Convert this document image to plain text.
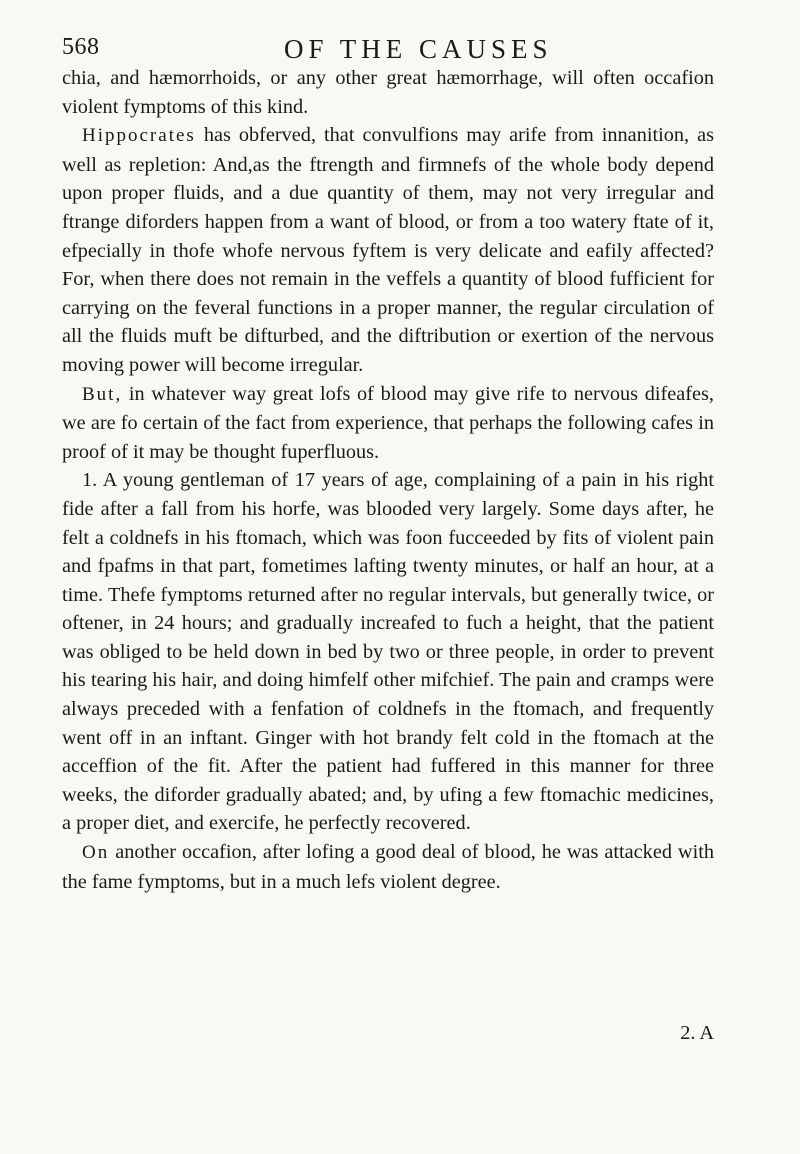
568	OF THE CAUSES

chia, and hæmorrhoids, or any other great hæmorrhage, will often occafion violent fymptoms of this kind.

Hippocrates has obferved, that convulfions may arife from innanition, as well as repletion: And,as the ftrength and firmnefs of the whole body depend upon proper fluids, and a due quantity of them, may not very irregular and ftrange diforders happen from a want of blood, or from a too watery ftate of it, efpecially in thofe whofe nervous fyftem is very delicate and eafily affected? For, when there does not remain in the veffels a quantity of blood fufficient for carrying on the feveral functions in a proper manner, the regular circulation of all the fluids muft be difturbed, and the diftribution or exertion of the nervous moving power will become irregular.

But, in whatever way great lofs of blood may give rife to nervous difeafes, we are fo certain of the fact from experience, that perhaps the following cafes in proof of it may be thought fuperfluous.

1. A young gentleman of 17 years of age, complaining of a pain in his right fide after a fall from his horfe, was blooded very largely. Some days after, he felt a coldnefs in his ftomach, which was foon fucceeded by fits of violent pain and fpafms in that part, fometimes lafting twenty minutes, or half an hour, at a time. Thefe fymptoms returned after no regular intervals, but generally twice, or oftener, in 24 hours; and gradually increafed to fuch a height, that the patient was obliged to be held down in bed by two or three people, in order to prevent his tearing his hair, and doing himfelf other mifchief. The pain and cramps were always preceded with a fenfation of coldnefs in the ftomach, and frequently went off in an inftant. Ginger with hot brandy felt cold in the ftomach at the acceffion of the fit. After the patient had fuffered in this manner for three weeks, the diforder gradually abated; and, by ufing a few ftomachic medicines, a proper diet, and exercife, he perfectly recovered.

On another occafion, after lofing a good deal of blood, he was attacked with the fame fymptoms, but in a much lefs violent degree.

2. A
